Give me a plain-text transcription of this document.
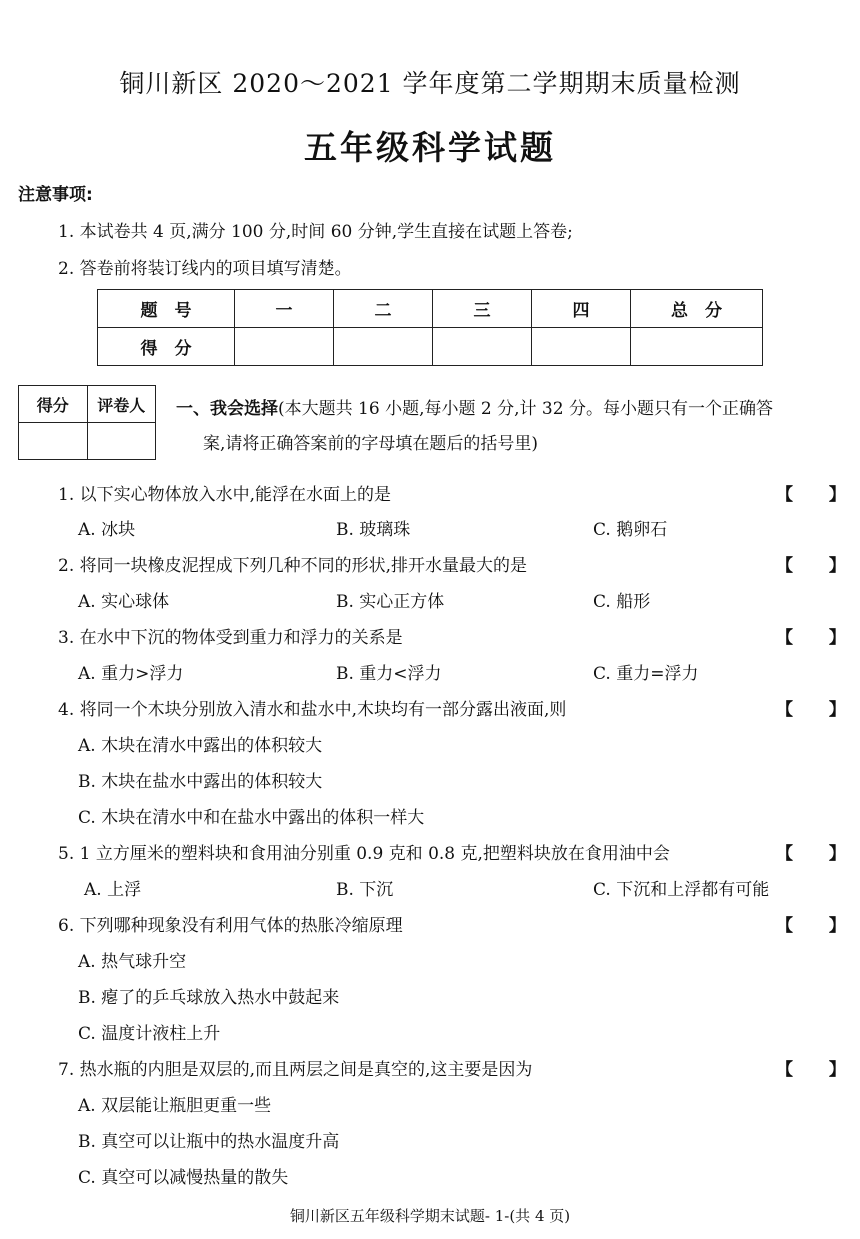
铜川新区 2020～2021 学年度第二学期期末质量检测
五年级科学试题
注意事项:
1. 本试卷共 4 页,满分 100 分,时间 60 分钟,学生直接在试题上答卷;
2. 答卷前将装订线内的项目填写清楚。
题　号	一	二	三	四	总　分
得　分					
得分	评卷人
	一、我会选择(本大题共 16 小题,每小题 2 分,计 32 分。每小题只有一个正确答
案,请将正确答案前的字母填在题后的括号里)
1. 以下实心物体放入水中,能浮在水面上的是	【 】
A. 冰块	B. 玻璃珠	C. 鹅卵石
2. 将同一块橡皮泥捏成下列几种不同的形状,排开水量最大的是	【 】
A. 实心球体	B. 实心正方体	C. 船形
3. 在水中下沉的物体受到重力和浮力的关系是	【 】
A. 重力>浮力	B. 重力<浮力	C. 重力=浮力
4. 将同一个木块分别放入清水和盐水中,木块均有一部分露出液面,则	【 】
A. 木块在清水中露出的体积较大
B. 木块在盐水中露出的体积较大
C. 木块在清水中和在盐水中露出的体积一样大
5. 1 立方厘米的塑料块和食用油分别重 0.9 克和 0.8 克,把塑料块放在食用油中会	【 】
A. 上浮	B. 下沉	C. 下沉和上浮都有可能
6. 下列哪种现象没有利用气体的热胀冷缩原理	【 】
A. 热气球升空
B. 瘪了的乒乓球放入热水中鼓起来
C. 温度计液柱上升
7. 热水瓶的内胆是双层的,而且两层之间是真空的,这主要是因为	【 】
A. 双层能让瓶胆更重一些
B. 真空可以让瓶中的热水温度升高
C. 真空可以减慢热量的散失
铜川新区五年级科学期末试题- 1-(共 4 页)
